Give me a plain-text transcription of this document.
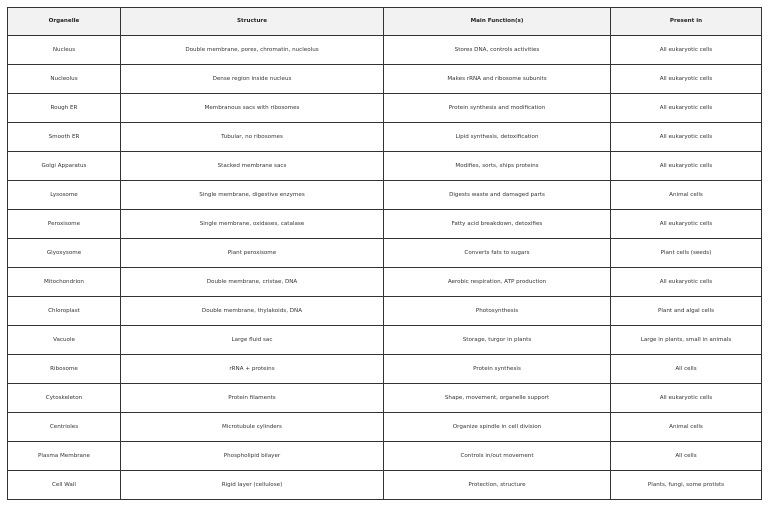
Organelle	Structure	Main Function(s)	Present in
Nucleus	Double membrane, pores, chromatin, nucleolus	Stores DNA, controls activities	All eukaryotic cells
Nucleolus	Dense region inside nucleus	Makes rRNA and ribosome subunits	All eukaryotic cells
Rough ER	Membranous sacs with ribosomes	Protein synthesis and modification	All eukaryotic cells
Smooth ER	Tubular, no ribosomes	Lipid synthesis, detoxification	All eukaryotic cells
Golgi Apparatus	Stacked membrane sacs	Modifies, sorts, ships proteins	All eukaryotic cells
Lysosome	Single membrane, digestive enzymes	Digests waste and damaged parts	Animal cells
Peroxisome	Single membrane, oxidases, catalase	Fatty acid breakdown, detoxifies	All eukaryotic cells
Glyoxysome	Plant peroxisome	Converts fats to sugars	Plant cells (seeds)
Mitochondrion	Double membrane, cristae, DNA	Aerobic respiration, ATP production	All eukaryotic cells
Chloroplast	Double membrane, thylakoids, DNA	Photosynthesis	Plant and algal cells
Vacuole	Large fluid sac	Storage, turgor in plants	Large in plants, small in animals
Ribosome	rRNA + proteins	Protein synthesis	All cells
Cytoskeleton	Protein filaments	Shape, movement, organelle support	All eukaryotic cells
Centrioles	Microtubule cylinders	Organize spindle in cell division	Animal cells
Plasma Membrane	Phospholipid bilayer	Controls in/out movement	All cells
Cell Wall	Rigid layer (cellulose)	Protection, structure	Plants, fungi, some protists
